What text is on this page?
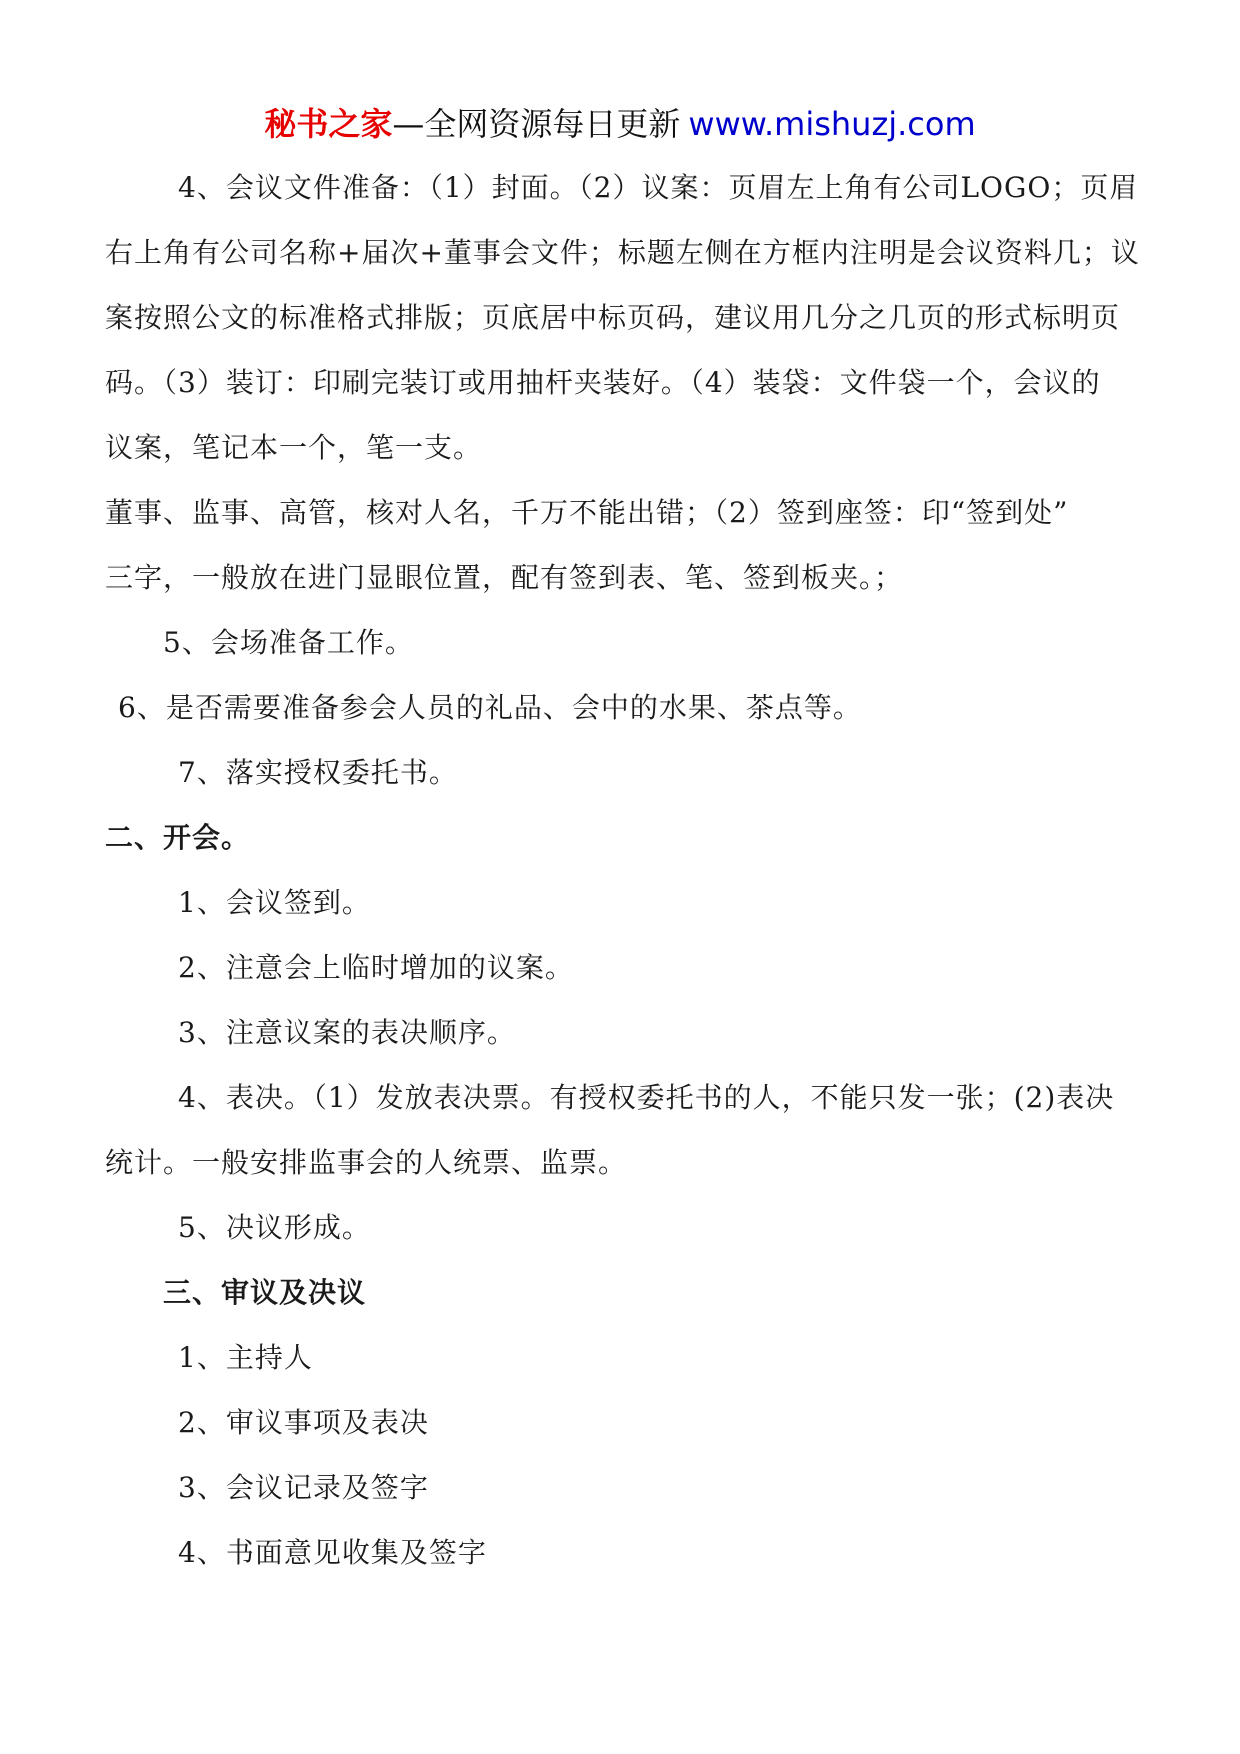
秘书之家—全网资源每日更新 www.mishuzj.com
4、会议文件准备：（1）封面。（2）议案：页眉左上角有公司LOGO；页眉
右上角有公司名称+届次+董事会文件；标题左侧在方框内注明是会议资料几；议
案按照公文的标准格式排版；页底居中标页码，建议用几分之几页的形式标明页
码。（3）装订：印刷完装订或用抽杆夹装好。（4）装袋：文件袋一个，会议的
议案，笔记本一个，笔一支。
董事、监事、高管，核对人名，千万不能出错；（2）签到座签：印“签到处”
三字，一般放在进门显眼位置，配有签到表、笔、签到板夹。；
5、会场准备工作。
6、是否需要准备参会人员的礼品、会中的水果、茶点等。
7、落实授权委托书。
二、开会。
1、会议签到。
2、注意会上临时增加的议案。
3、注意议案的表决顺序。
4、表决。（1）发放表决票。有授权委托书的人，不能只发一张；(2)表决
统计。一般安排监事会的人统票、监票。
5、决议形成。
三、审议及决议
1、主持人
2、审议事项及表决
3、会议记录及签字
4、书面意见收集及签字
